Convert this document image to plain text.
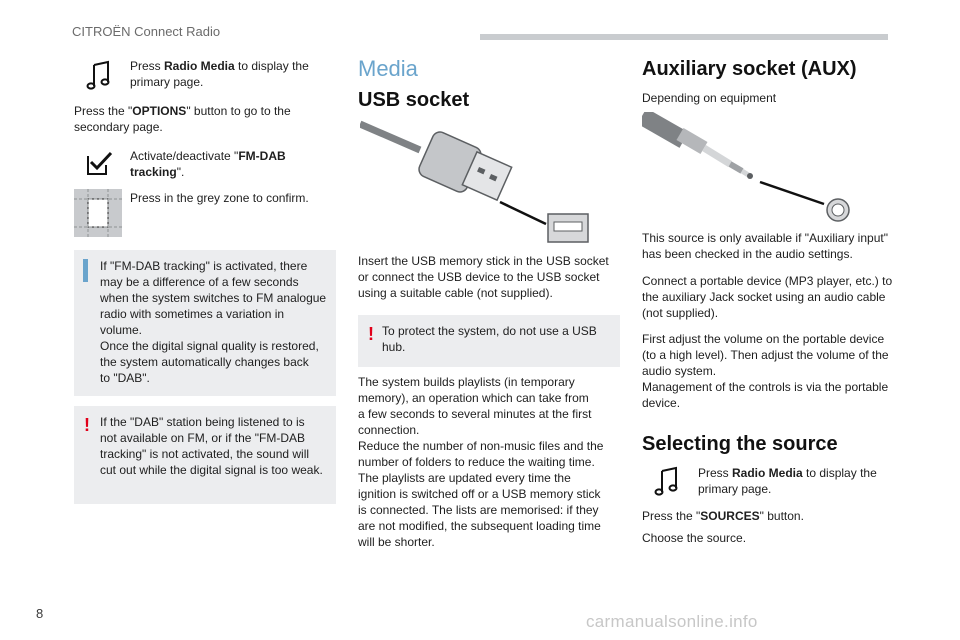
CITROËN Connect Radio
Press Radio Media to display the primary page.
Press the "OPTIONS" button to go to the secondary page.
Activate/deactivate "FM-DAB tracking".
Press in the grey zone to confirm.
If "FM-DAB tracking" is activated, there
may be a difference of a few seconds
when the system switches to FM analogue
radio with sometimes a variation in
volume.
Once the digital signal quality is restored,
the system automatically changes back
to "DAB".
! If the "DAB" station being listened to is
not available on FM, or if the "FM-DAB
tracking" is not activated, the sound will
cut out while the digital signal is too weak.
Media
USB socket
Insert the USB memory stick in the USB socket
or connect the USB device to the USB socket
using a suitable cable (not supplied).
! To protect the system, do not use a USB
hub.
The system builds playlists (in temporary
memory), an operation which can take from
a few seconds to several minutes at the first
connection.
Reduce the number of non-music files and the
number of folders to reduce the waiting time.
The playlists are updated every time the
ignition is switched off or a USB memory stick
is connected. The lists are memorised: if they
are not modified, the subsequent loading time
will be shorter.
Auxiliary socket (AUX)
Depending on equipment
This source is only available if "Auxiliary input"
has been checked in the audio settings.
Connect a portable device (MP3 player, etc.) to
the auxiliary Jack socket using an audio cable
(not supplied).
First adjust the volume on the portable device
(to a high level). Then adjust the volume of the
audio system.
Management of the controls is via the portable
device.
Selecting the source
Press Radio Media to display the primary page.
Press the "SOURCES" button.
Choose the source.
8	carmanualsonline.info
